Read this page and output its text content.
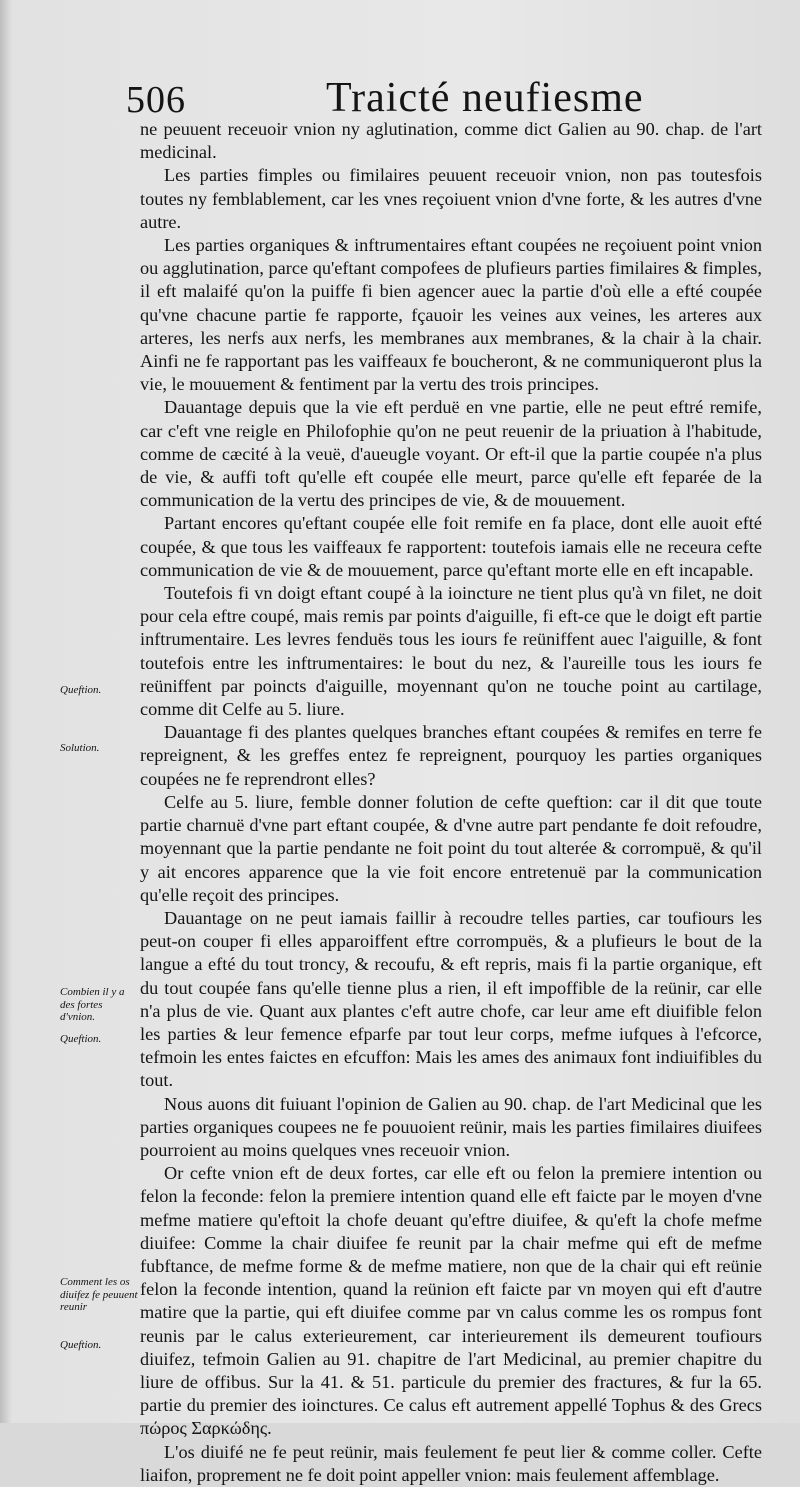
506	Traicté neufiesme

ne peuuent receuoir vnion ny aglutination, comme dict Galien au 90. chap. de l'art medicinal.

Les parties fimples ou fimilaires peuuent receuoir vnion, non pas toutesfois toutes ny femblablement, car les vnes reçoiuent vnion d'vne forte, & les autres d'vne autre.

Les parties organiques & inftrumentaires eftant coupées ne reçoiuent point vnion ou agglutination, parce qu'eftant compofees de plufieurs parties fimilaires & fimples, il eft malaifé qu'on la puiffe fi bien agencer auec la partie d'où elle a efté coupée qu'vne chacune partie fe rapporte, fçauoir les veines aux veines, les arteres aux arteres, les nerfs aux nerfs, les membranes aux membranes, & la chair à la chair. Ainfi ne fe rapportant pas les vaiffeaux fe boucheront, & ne communiqueront plus la vie, le mouuement & fentiment par la vertu des trois principes.

Dauantage depuis que la vie eft perduë en vne partie, elle ne peut eftré remife, car c'eft vne reigle en Philofophie qu'on ne peut reuenir de la priuation à l'habitude, comme de cæcité à la veuë, d'aueugle voyant. Or eft-il que la partie coupée n'a plus de vie, & auffi toft qu'elle eft coupée elle meurt, parce qu'elle eft feparée de la communication de la vertu des principes de vie, & de mouuement.

Partant encores qu'eftant coupée elle foit remife en fa place, dont elle auoit efté coupée, & que tous les vaiffeaux fe rapportent: toutefois iamais elle ne receura cefte communication de vie & de mouuement, parce qu'eftant morte elle en eft incapable.

Toutefois fi vn doigt eftant coupé à la ioincture ne tient plus qu'à vn filet, ne doit pour cela eftre coupé, mais remis par points d'aiguille, fi eft-ce que le doigt eft partie inftrumentaire. Les levres fenduës tous les iours fe reüniffent auec l'aiguille, & font toutefois entre les inftrumentaires: le bout du nez, & l'aureille tous les iours fe reüniffent par poincts d'aiguille, moyennant qu'on ne touche point au cartilage, comme dit Celfe au 5. liure.

Dauantage fi des plantes quelques branches eftant coupées & remifes en terre fe repreignent, & les greffes entez fe repreignent, pourquoy les parties organiques coupées ne fe reprendront elles?

Celfe au 5. liure, femble donner folution de cefte queftion: car il dit que toute partie charnuë d'vne part eftant coupée, & d'vne autre part pendante fe doit refoudre, moyennant que la partie pendante ne foit point du tout alterée & corrompuë, & qu'il y ait encores apparence que la vie foit encore entretenuë par la communication qu'elle reçoit des principes.

Dauantage on ne peut iamais faillir à recoudre telles parties, car toufiours les peut-on couper fi elles apparoiffent eftre corrompuës, & a plufieurs le bout de la langue a efté du tout troncy, & recoufu, & eft repris, mais fi la partie organique, eft du tout coupée fans qu'elle tienne plus a rien, il eft impoffible de la reünir, car elle n'a plus de vie. Quant aux plantes c'eft autre chofe, car leur ame eft diuifible felon les parties & leur femence efparfe par tout leur corps, mefme iufques à l'efcorce, tefmoin les entes faictes en efcuffon: Mais les ames des animaux font indiuifibles du tout.

Nous auons dit fuiuant l'opinion de Galien au 90. chap. de l'art Medicinal que les parties organiques coupees ne fe pouuoient reünir, mais les parties fimilaires diuifees pourroient au moins quelques vnes receuoir vnion.

Or cefte vnion eft de deux fortes, car elle eft ou felon la premiere intention ou felon la feconde: felon la premiere intention quand elle eft faicte par le moyen d'vne mefme matiere qu'eftoit la chofe deuant qu'eftre diuifee, & qu'eft la chofe mefme diuifee: Comme la chair diuifee fe reunit par la chair mefme qui eft de mefme fubftance, de mefme forme & de mefme matiere, non que de la chair qui eft reünie felon la feconde intention, quand la reünion eft faicte par vn moyen qui eft d'autre matire que la partie, qui eft diuifee comme par vn calus comme les os rompus font reunis par le calus exterieurement, car interieurement ils demeurent toufiours diuifez, tefmoin Galien au 91. chapitre de l'art Medicinal, au premier chapitre du liure de offibus. Sur la 41. & 51. particule du premier des fractures, & fur la 65. partie du premier des ioinctures. Ce calus eft autrement appellé Tophus & des Grecs πώρος Σαρκώδης.

L'os diuifé ne fe peut reünir, mais feulement fe peut lier & comme coller. Cefte liaifon, proprement ne fe doit point appeller vnion: mais feulement affemblage.

Queftion.
Solution.
Combien il y a des fortes d'vnion.
Queftion.
Comment les os diuifez fe peuuent reunir
Queftion.
